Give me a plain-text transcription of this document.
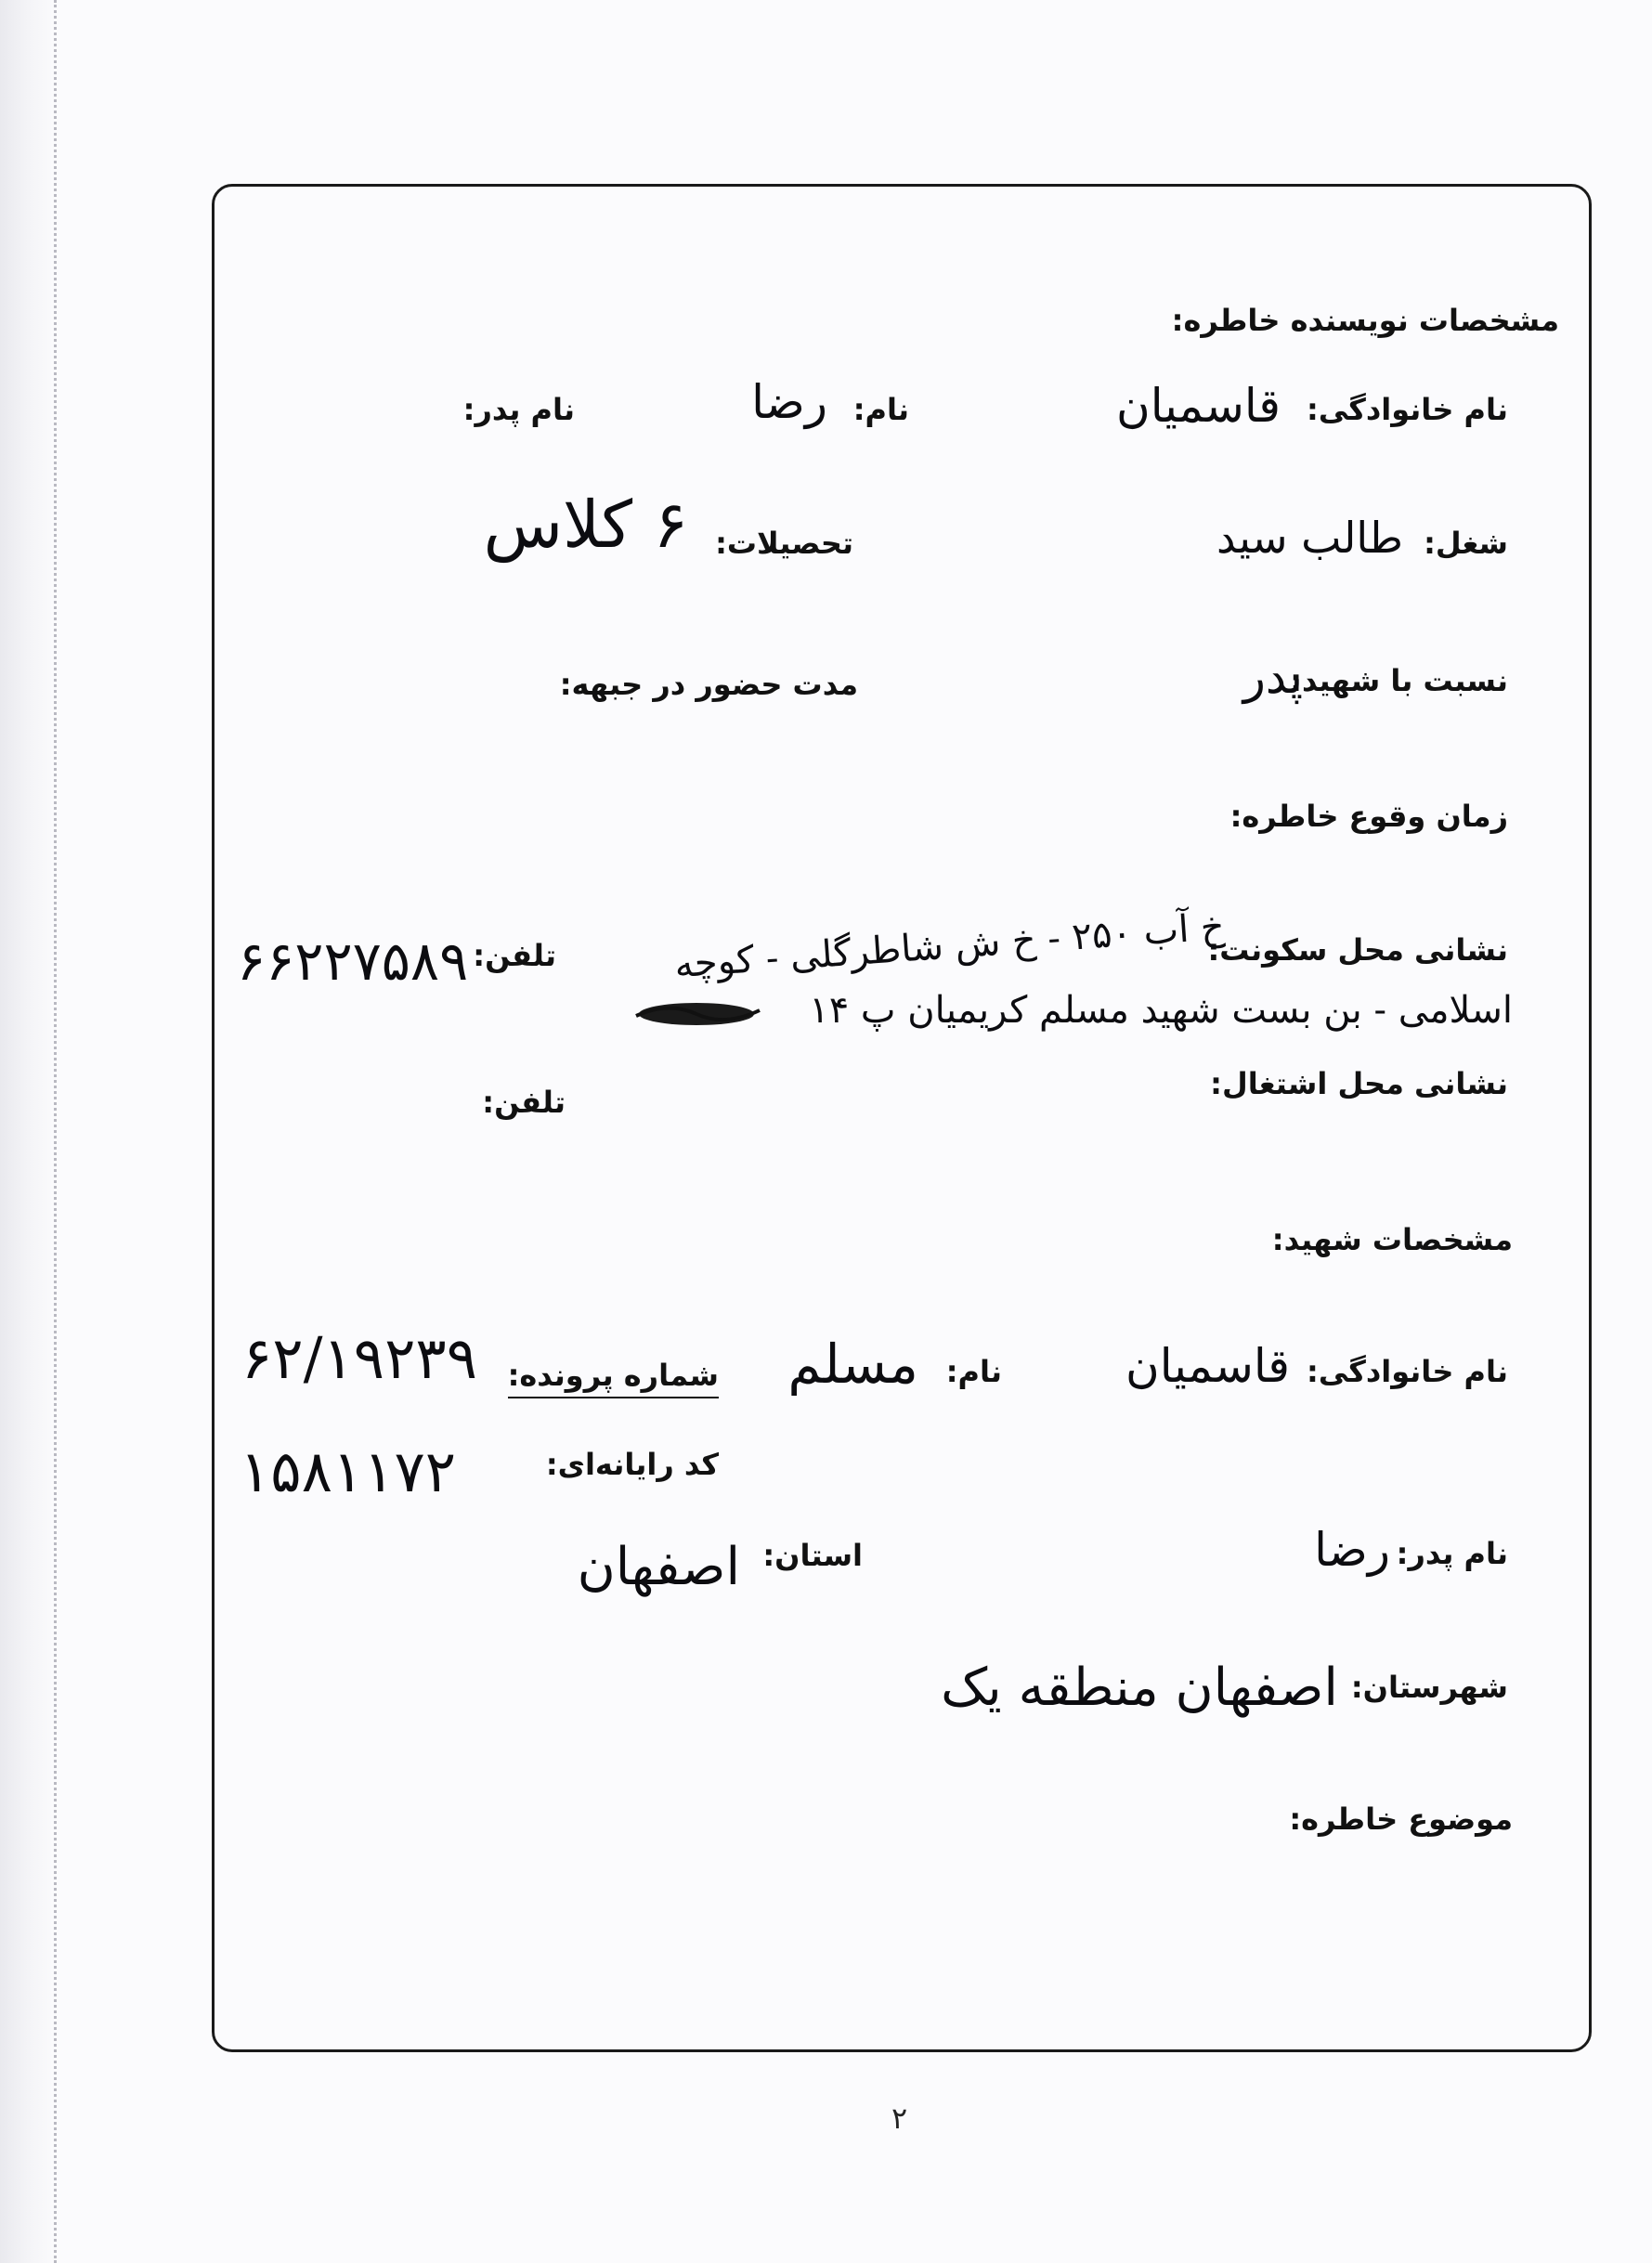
مشخصات نویسنده خاطره:
نام خانوادگی:
قاسمیان
نام:
رضا
نام پدر:
شغل:
طالب سید
تحصیلات:
۶ کلاس
نسبت با شهید:
پدر
مدت حضور در جبهه:
زمان وقوع خاطره:
نشانی محل سکونت:
خ آب ۲۵۰ - خ ش شاطرگلی - کوچه
تلفن:
۶۶۲۲۷۵۸۹
اسلامی - بن بست شهید مسلم کریمیان پ ۱۴
نشانی محل اشتغال:
تلفن:
مشخصات شهید:
نام خانوادگی:
قاسمیان
نام:
مسلم
شماره پرونده:
۶۲/۱۹۲۳۹
کد رایانه‌ای:
۱۵۸۱۱۷۲
نام پدر:
رضا
استان:
اصفهان
شهرستان:
اصفهان منطقه یک
موضوع خاطره:
۲
